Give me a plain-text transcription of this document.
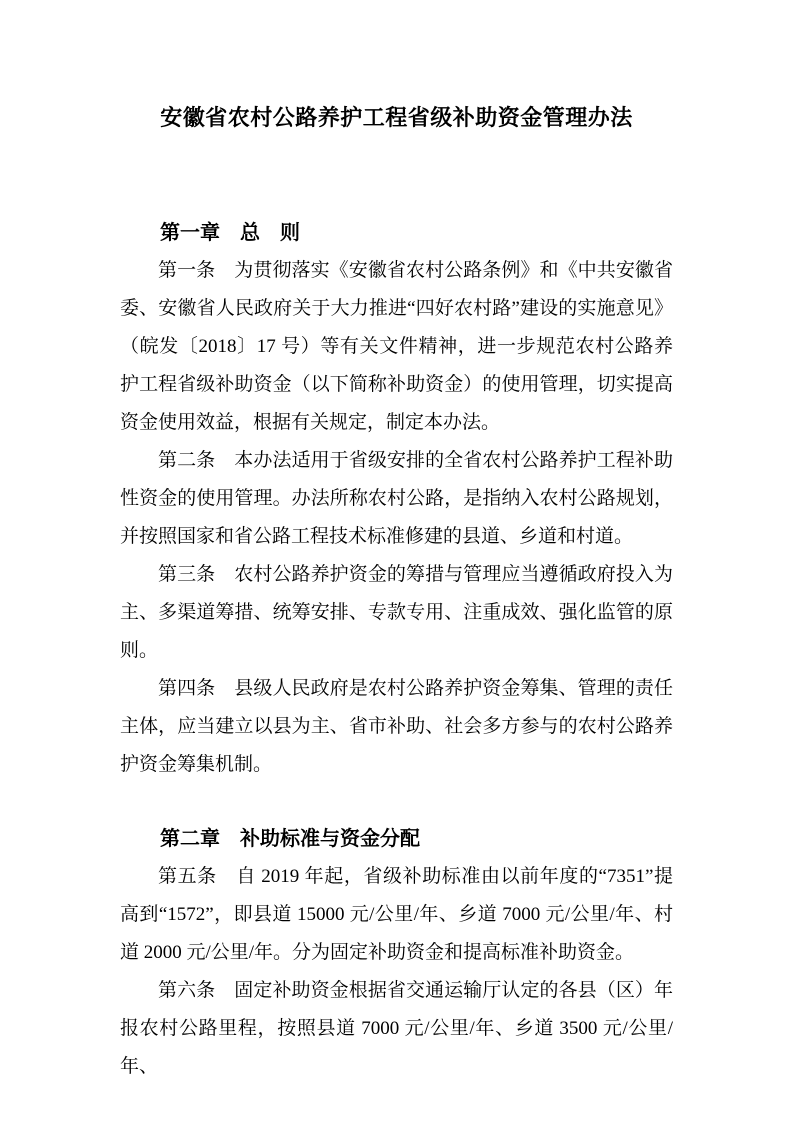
安徽省农村公路养护工程省级补助资金管理办法
第一章　总　则

第一条　为贯彻落实《安徽省农村公路条例》和《中共安徽省委、安徽省人民政府关于大力推进“四好农村路”建设的实施意见》（皖发〔2018〕17 号）等有关文件精神，进一步规范农村公路养护工程省级补助资金（以下简称补助资金）的使用管理，切实提高资金使用效益，根据有关规定，制定本办法。

第二条　本办法适用于省级安排的全省农村公路养护工程补助性资金的使用管理。办法所称农村公路，是指纳入农村公路规划，并按照国家和省公路工程技术标准修建的县道、乡道和村道。

第三条　农村公路养护资金的筹措与管理应当遵循政府投入为主、多渠道筹措、统筹安排、专款专用、注重成效、强化监管的原则。

第四条　县级人民政府是农村公路养护资金筹集、管理的责任主体，应当建立以县为主、省市补助、社会多方参与的农村公路养护资金筹集机制。

第二章　补助标准与资金分配

第五条　自 2019 年起，省级补助标准由以前年度的“7351”提高到“1572”，即县道 15000 元/公里/年、乡道 7000 元/公里/年、村道 2000 元/公里/年。分为固定补助资金和提高标准补助资金。

第六条　固定补助资金根据省交通运输厅认定的各县（区）年报农村公路里程，按照县道 7000 元/公里/年、乡道 3500 元/公里/年、
